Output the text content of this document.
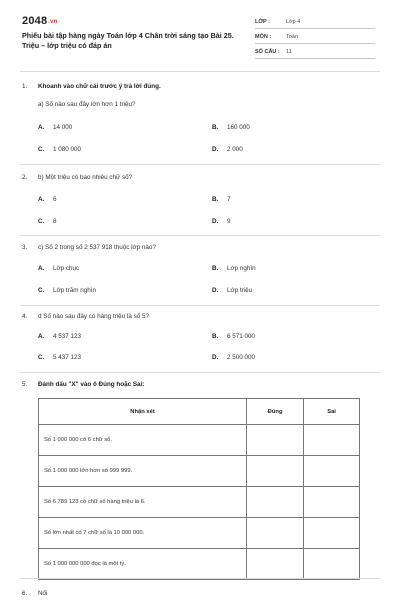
2048.vn
Phiếu bài tập hàng ngày Toán lớp 4 Chân trời sáng tạo Bài 25. Triệu – lớp triệu có đáp án
LỚP :	Lớp 4
MÔN :	Toán
SỐ CÂU : 11
1. Khoanh vào chữ cái trước ý trả lời đúng.
a) Số nào sau đây lớn hơn 1 triệu?
A. 14 000	B. 160 000
C. 1 080 000	D. 2 000
2. b) Một triệu có bao nhiêu chữ số?
A. 6	B. 7
C. 8	D. 9
3. c) Số 2 trong số 2 537 918 thuộc lớp nào?
A. Lớp chục	B. Lớp nghìn
C. Lớp trăm nghìn	D. Lớp triệu
4. d Số nào sau đây có hàng triệu là số 5?
A. 4 537 123	B. 6 571 000
C. 5 437 123	D. 2 500 000
5. Đánh dấu "X" vào ô Đúng hoặc Sai:
Nhận xét	Đúng	Sai
Số 1 000 000 có 6 chữ số.		
Số 1 000 000 lớn hơn số 999 999.		
Số 6 789 123 có chữ số hàng triệu là 6.		
Số lớn nhất có 7 chữ số là 10 000 000.		
Số 1 000 000 000 đọc là một tỷ.		
6. Nối
